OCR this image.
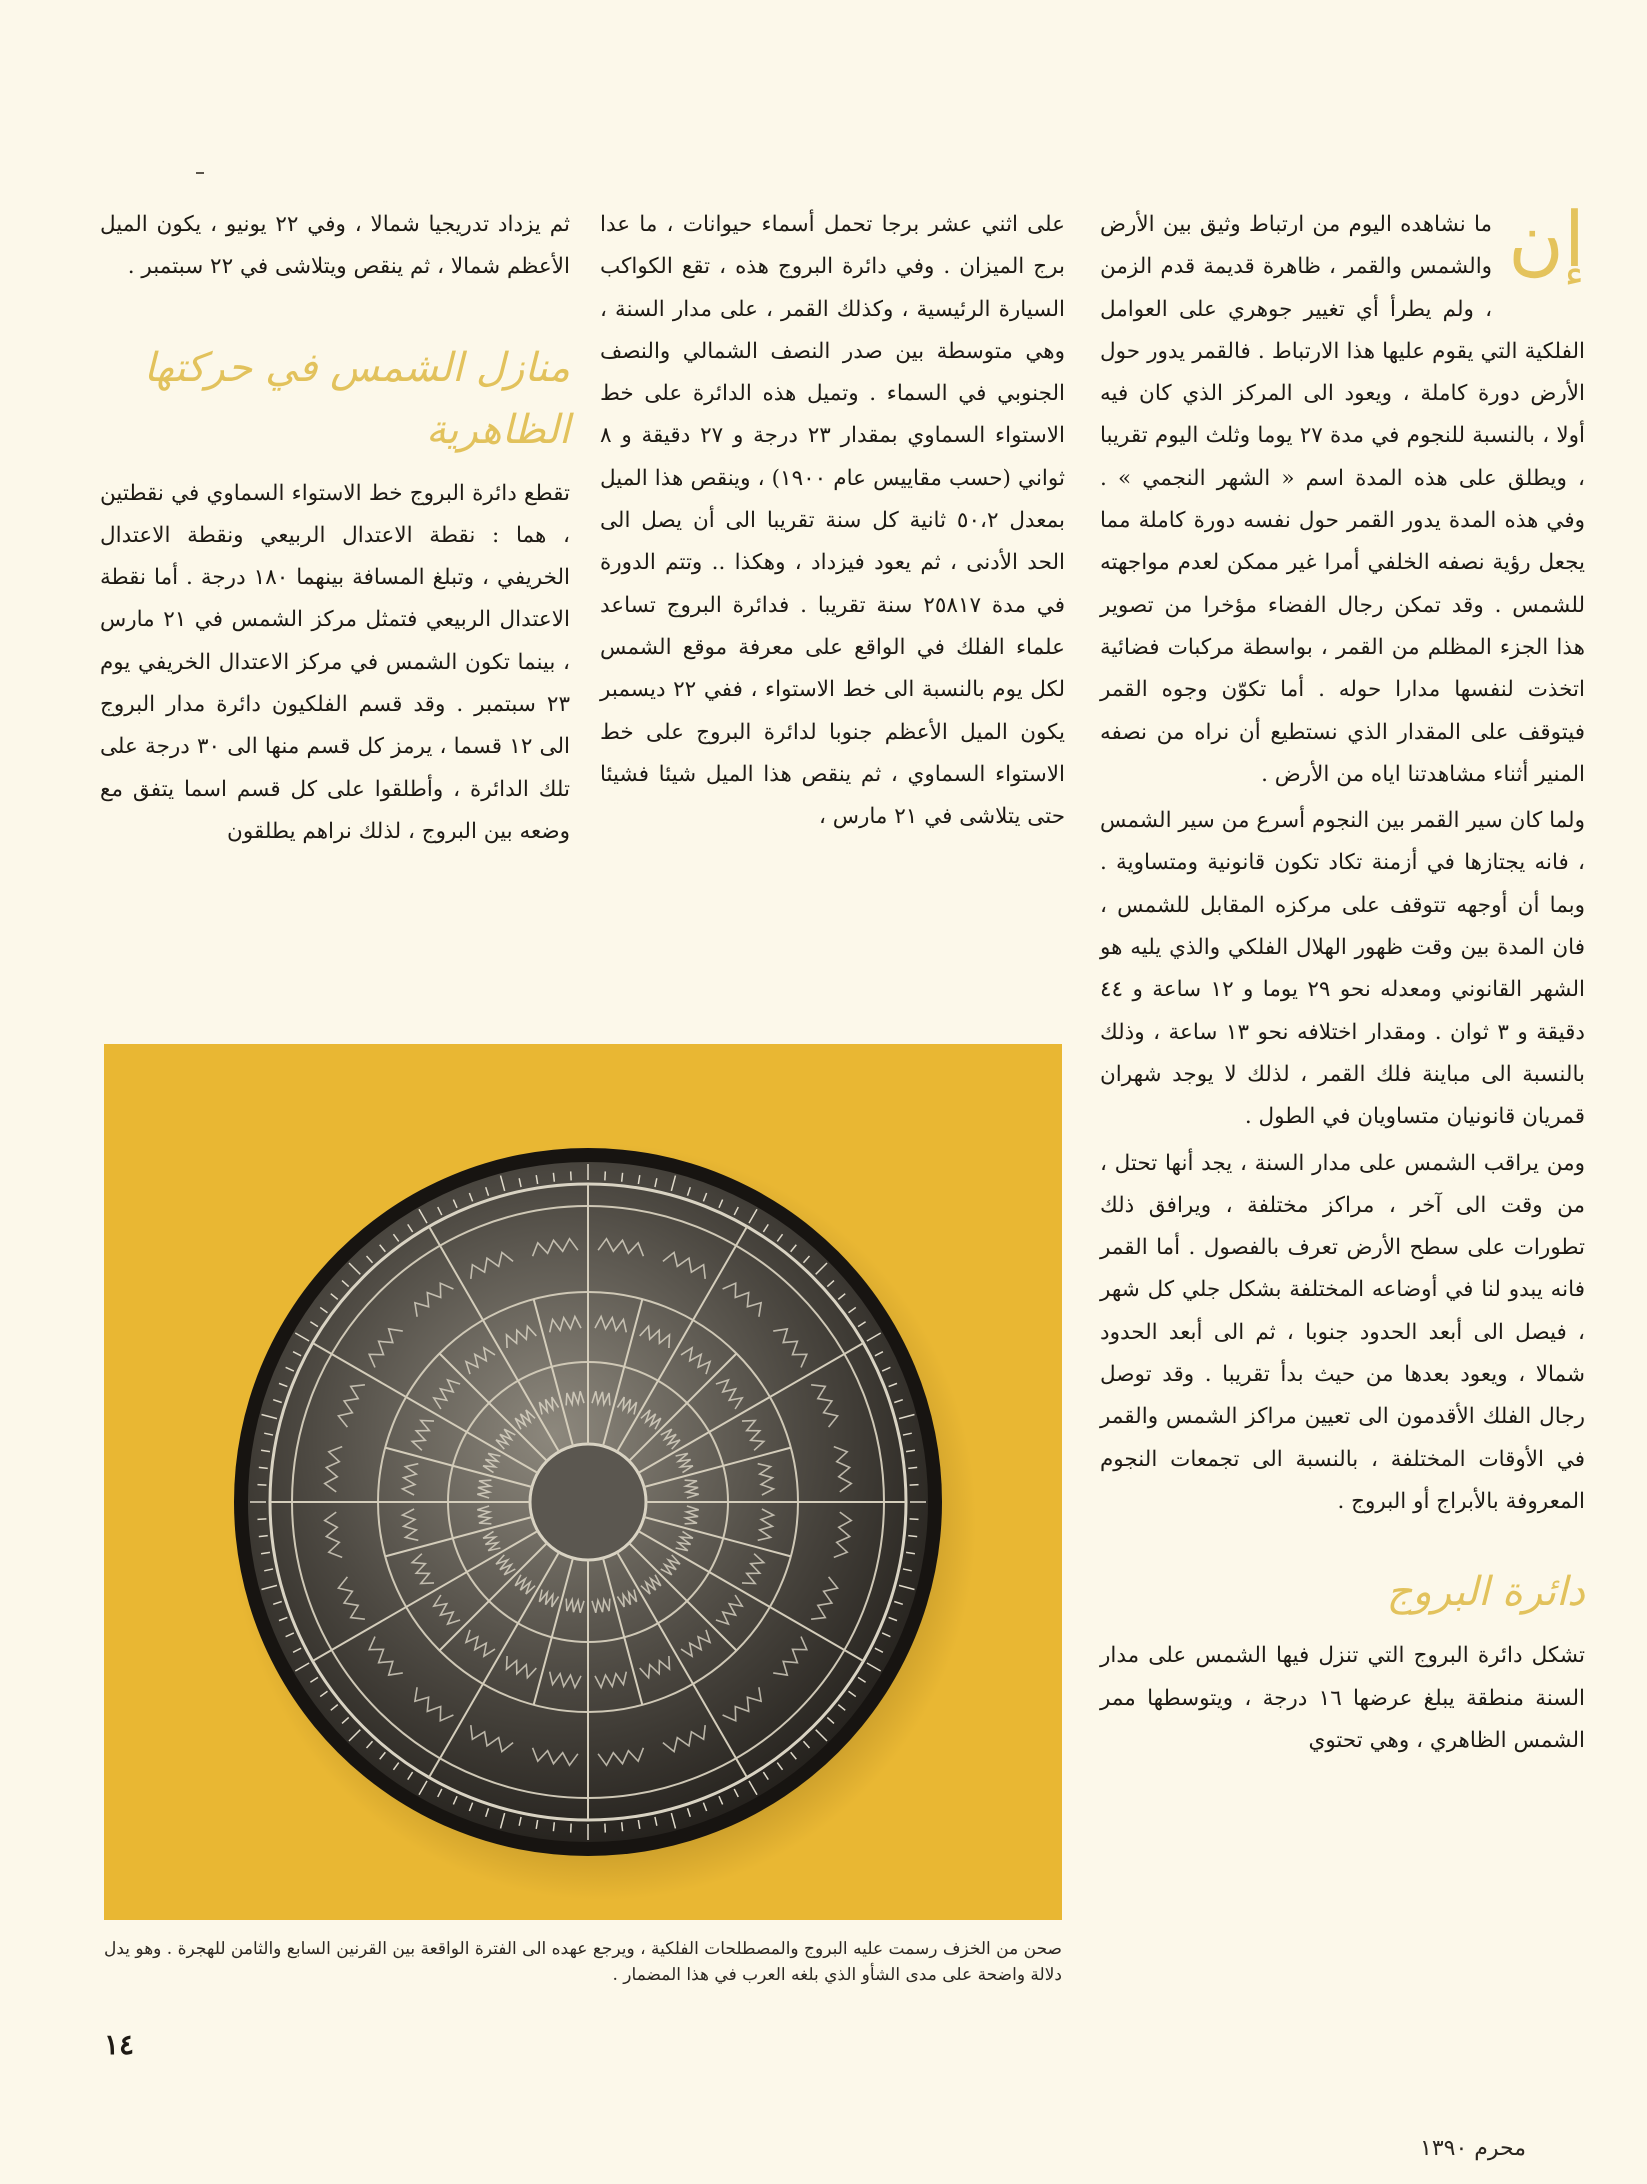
إن
ما نشاهده اليوم من ارتباط وثيق بين الأرض والشمس والقمر ، ظاهرة قديمة قدم الزمن ، ولم يطرأ أي تغيير جوهري على العوامل الفلكية التي يقوم عليها هذا الارتباط . فالقمر يدور حول الأرض دورة كاملة ، ويعود الى المركز الذي كان فيه أولا ، بالنسبة للنجوم في مدة ٢٧ يوما وثلث اليوم تقريبا ، ويطلق على هذه المدة اسم « الشهر النجمي » . وفي هذه المدة يدور القمر حول نفسه دورة كاملة مما يجعل رؤية نصفه الخلفي أمرا غير ممكن لعدم مواجهته للشمس . وقد تمكن رجال الفضاء مؤخرا من تصوير هذا الجزء المظلم من القمر ، بواسطة مركبات فضائية اتخذت لنفسها مدارا حوله . أما تكوّن وجوه القمر فيتوقف على المقدار الذي نستطيع أن نراه من نصفه المنير أثناء مشاهدتنا اياه من الأرض .

ولما كان سير القمر بين النجوم أسرع من سير الشمس ، فانه يجتازها في أزمنة تكاد تكون قانونية ومتساوية . وبما أن أوجهه تتوقف على مركزه المقابل للشمس ، فان المدة بين وقت ظهور الهلال الفلكي والذي يليه هو الشهر القانوني ومعدله نحو ٢٩ يوما و ١٢ ساعة و ٤٤ دقيقة و ٣ ثوان . ومقدار اختلافه نحو ١٣ ساعة ، وذلك بالنسبة الى مباينة فلك القمر ، لذلك لا يوجد شهران قمريان قانونيان متساويان في الطول .

ومن يراقب الشمس على مدار السنة ، يجد أنها تحتل ، من وقت الى آخر ، مراكز مختلفة ، ويرافق ذلك تطورات على سطح الأرض تعرف بالفصول . أما القمر فانه يبدو لنا في أوضاعه المختلفة بشكل جلي كل شهر ، فيصل الى أبعد الحدود جنوبا ، ثم الى أبعد الحدود شمالا ، ويعود بعدها من حيث بدأ تقريبا . وقد توصل رجال الفلك الأقدمون الى تعيين مراكز الشمس والقمر في الأوقات المختلفة ، بالنسبة الى تجمعات النجوم المعروفة بالأبراج أو البروج .

دائرة البروج

تشكل دائرة البروج التي تنزل فيها الشمس على مدار السنة منطقة يبلغ عرضها ١٦ درجة ، ويتوسطها ممر الشمس الظاهري ، وهي تحتوي

على اثني عشر برجا تحمل أسماء حيوانات ، ما عدا برج الميزان . وفي دائرة البروج هذه ، تقع الكواكب السيارة الرئيسية ، وكذلك القمر ، على مدار السنة ، وهي متوسطة بين صدر النصف الشمالي والنصف الجنوبي في السماء . وتميل هذه الدائرة على خط الاستواء السماوي بمقدار ٢٣ درجة و ٢٧ دقيقة و ٨ ثواني (حسب مقاييس عام ١٩٠٠) ، وينقص هذا الميل بمعدل ٥٠،٢ ثانية كل سنة تقريبا الى أن يصل الى الحد الأدنى ، ثم يعود فيزداد ، وهكذا .. وتتم الدورة في مدة ٢٥٨١٧ سنة تقريبا . فدائرة البروج تساعد علماء الفلك في الواقع على معرفة موقع الشمس لكل يوم بالنسبة الى خط الاستواء ، ففي ٢٢ ديسمبر يكون الميل الأعظم جنوبا لدائرة البروج على خط الاستواء السماوي ، ثم ينقص هذا الميل شيئا فشيئا حتى يتلاشى في ٢١ مارس ،

ثم يزداد تدريجيا شمالا ، وفي ٢٢ يونيو ، يكون الميل الأعظم شمالا ، ثم ينقص ويتلاشى في ٢٢ سبتمبر .

منازل الشمس في حركتها الظاهرية

تقطع دائرة البروج خط الاستواء السماوي في نقطتين ، هما : نقطة الاعتدال الربيعي ونقطة الاعتدال الخريفي ، وتبلغ المسافة بينهما ١٨٠ درجة . أما نقطة الاعتدال الربيعي فتمثل مركز الشمس في ٢١ مارس ، بينما تكون الشمس في مركز الاعتدال الخريفي يوم ٢٣ سبتمبر . وقد قسم الفلكيون دائرة مدار البروج الى ١٢ قسما ، يرمز كل قسم منها الى ٣٠ درجة على تلك الدائرة ، وأطلقوا على كل قسم اسما يتفق مع وضعه بين البروج ، لذلك نراهم يطلقون

صحن من الخزف رسمت عليه البروج والمصطلحات الفلكية ، ويرجع عهده الى الفترة الواقعة بين القرنين السابع والثامن للهجرة . وهو يدل دلالة واضحة على مدى الشأو الذي بلغه العرب في هذا المضمار .

١٤
محرم ١٣٩٠
